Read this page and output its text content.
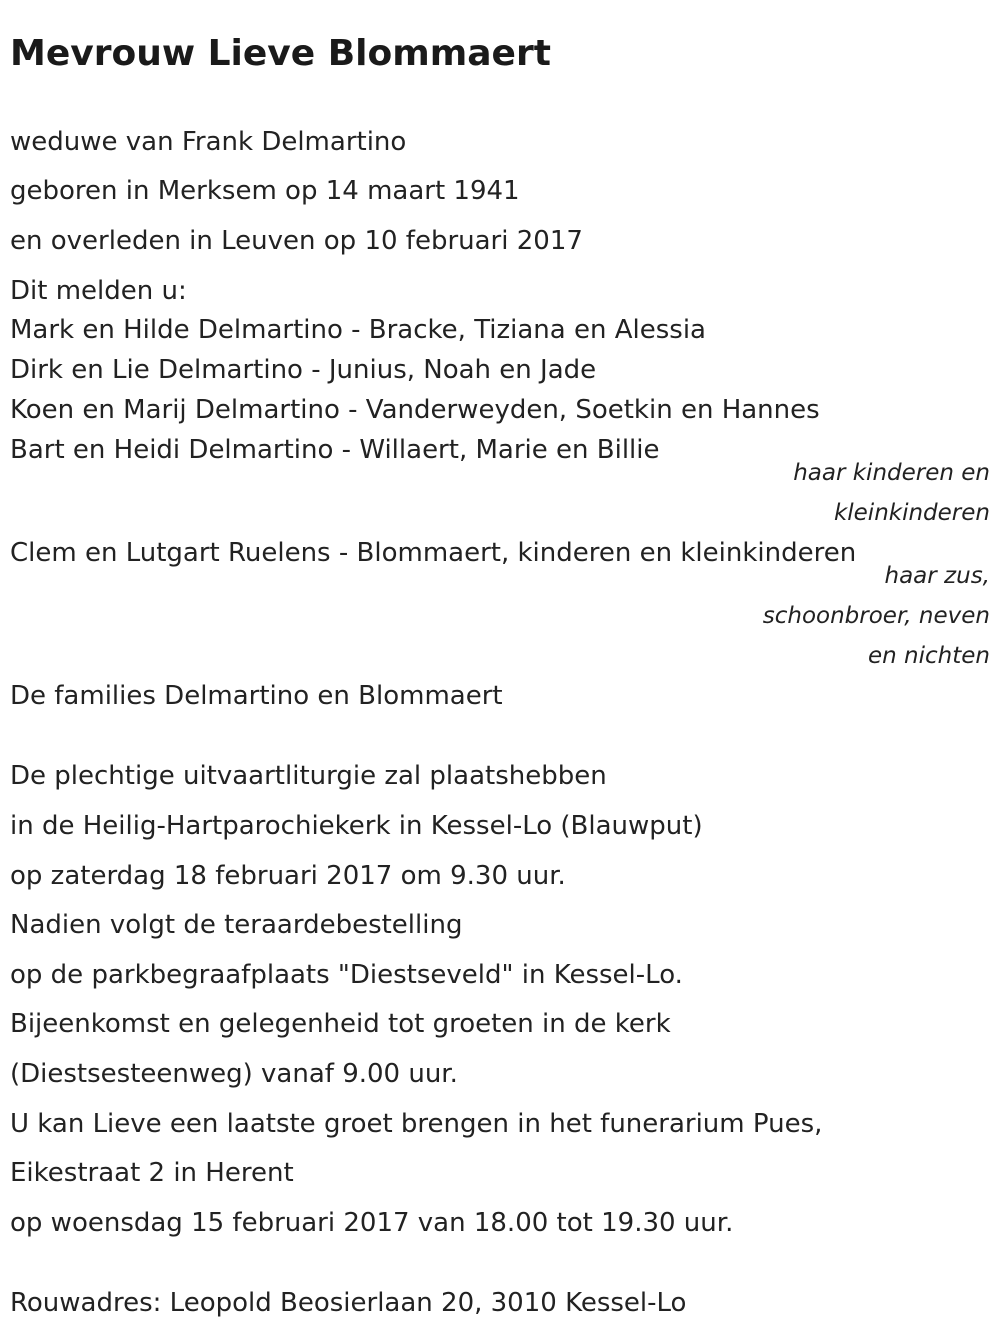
Mevrouw Lieve Blommaert
weduwe van Frank Delmartino
geboren in Merksem op 14 maart 1941
en overleden in Leuven op 10 februari 2017
Dit melden u:
Mark en Hilde Delmartino - Bracke, Tiziana en Alessia
Dirk en Lie Delmartino - Junius, Noah en Jade
Koen en Marij Delmartino - Vanderweyden, Soetkin en Hannes
Bart en Heidi Delmartino - Willaert, Marie en Billie
haar kinderen en
kleinkinderen
Clem en Lutgart Ruelens - Blommaert, kinderen en kleinkinderen
haar zus,
schoonbroer, neven
en nichten
De families Delmartino en Blommaert
De plechtige uitvaartliturgie zal plaatshebben
in de Heilig-Hartparochiekerk in Kessel-Lo (Blauwput)
op zaterdag 18 februari 2017 om 9.30 uur.
Nadien volgt de teraardebestelling
op de parkbegraafplaats "Diestseveld" in Kessel-Lo.
Bijeenkomst en gelegenheid tot groeten in de kerk
(Diestsesteenweg) vanaf 9.00 uur.
U kan Lieve een laatste groet brengen in het funerarium Pues,
Eikestraat 2 in Herent
op woensdag 15 februari 2017 van 18.00 tot 19.30 uur.
Rouwadres: Leopold Beosierlaan 20, 3010 Kessel-Lo
